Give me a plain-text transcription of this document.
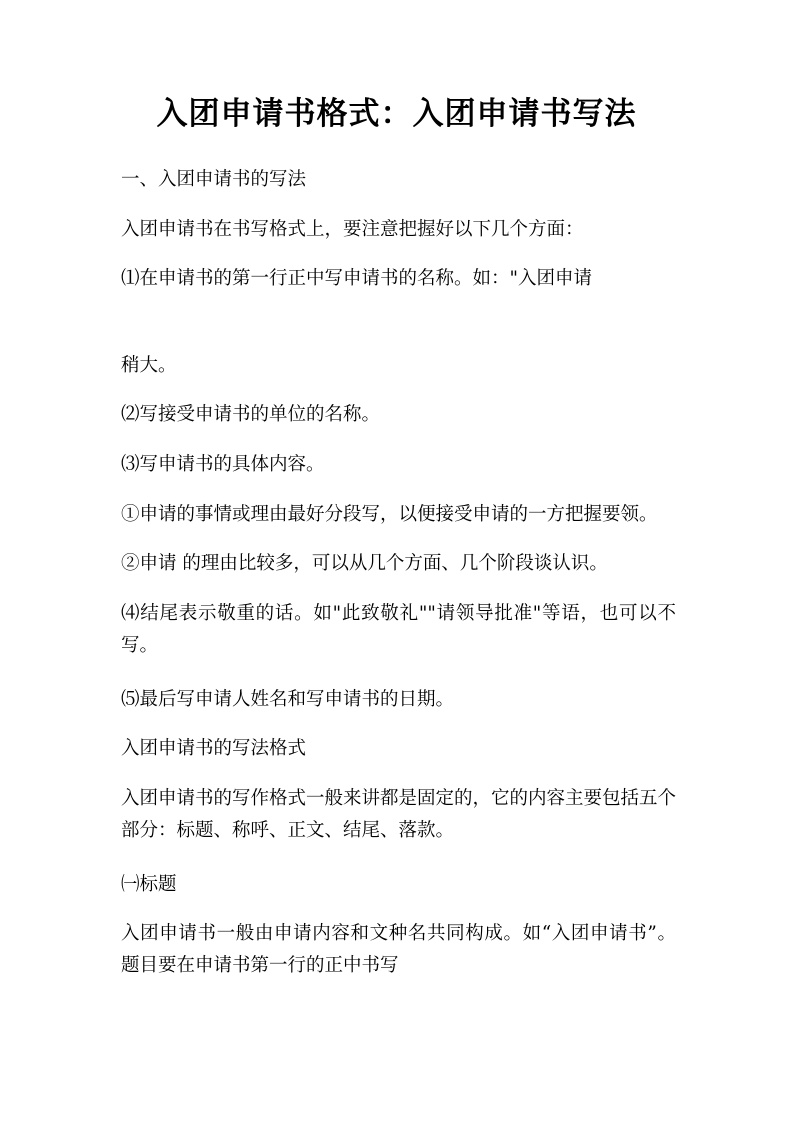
入团申请书格式：入团申请书写法
一、入团申请书的写法
入团申请书在书写格式上，要注意把握好以下几个方面：
⑴在申请书的第一行正中写申请书的名称。如："入团申请
稍大。
⑵写接受申请书的单位的名称。
⑶写申请书的具体内容。
①申请的事情或理由最好分段写，以便接受申请的一方把握要领。
②申请 的理由比较多，可以从几个方面、几个阶段谈认识。
⑷结尾表示敬重的话。如"此致敬礼""请领导批准"等语，也可以不写。
⑸最后写申请人姓名和写申请书的日期。
入团申请书的写法格式
入团申请书的写作格式一般来讲都是固定的，它的内容主要包括五个部分：标题、称呼、正文、结尾、落款。
㈠标题
入团申请书一般由申请内容和文种名共同构成。如“入团申请书”。题目要在申请书第一行的正中书写
